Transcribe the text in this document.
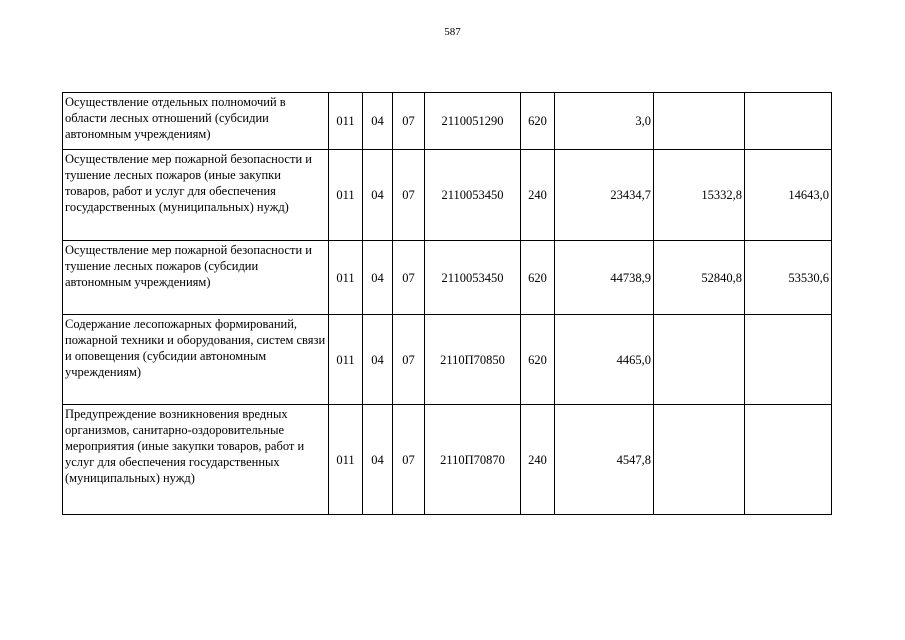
587
Осуществление отдельных полномочий в области лесных отношений (субсидии автономным учреждениям)	011	04	07	2110051290	620	3,0		
Осуществление мер пожарной безопасности и тушение лесных пожаров (иные закупки товаров, работ и услуг для обеспечения государственных (муниципальных) нужд)	011	04	07	2110053450	240	23434,7	15332,8	14643,0
Осуществление мер пожарной безопасности и тушение лесных пожаров (субсидии автономным учреждениям)	011	04	07	2110053450	620	44738,9	52840,8	53530,6
Содержание лесопожарных формирований, пожарной техники и оборудования, систем связи и оповещения (субсидии автономным учреждениям)	011	04	07	2110П70850	620	4465,0		
Предупреждение возникновения вредных организмов, санитарно-оздоровительные мероприятия (иные закупки товаров, работ и услуг для обеспечения государственных (муниципальных) нужд)	011	04	07	2110П70870	240	4547,8		
